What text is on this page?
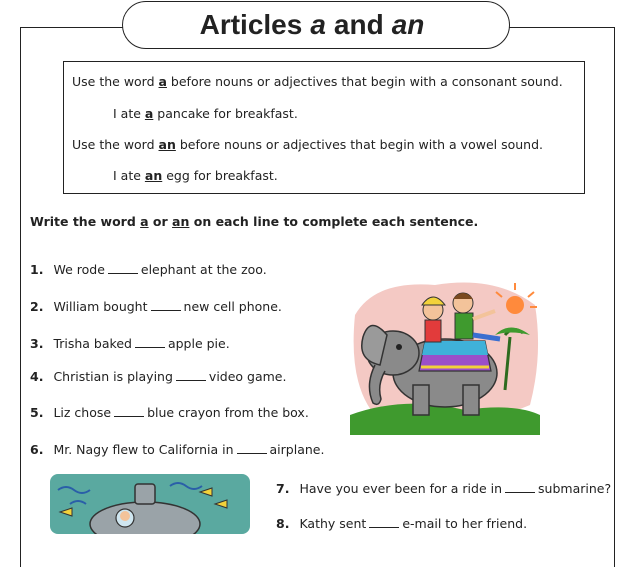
Articles a and an
Use the word a before nouns or adjectives that begin with a consonant sound.
I ate a pancake for breakfast.
Use the word an before nouns or adjectives that begin with a vowel sound.
I ate an egg for breakfast.
Write the word a or an on each line to complete each sentence.
1. We rode	elephant at the zoo.
2. William bought	new cell phone.
3. Trisha baked	apple pie.
4. Christian is playing	video game.
5. Liz chose	blue crayon from the box.
6. Mr. Nagy flew to California in	airplane.
7. Have you ever been for a ride in	submarine?
8. Kathy sent	e-mail to her friend.
